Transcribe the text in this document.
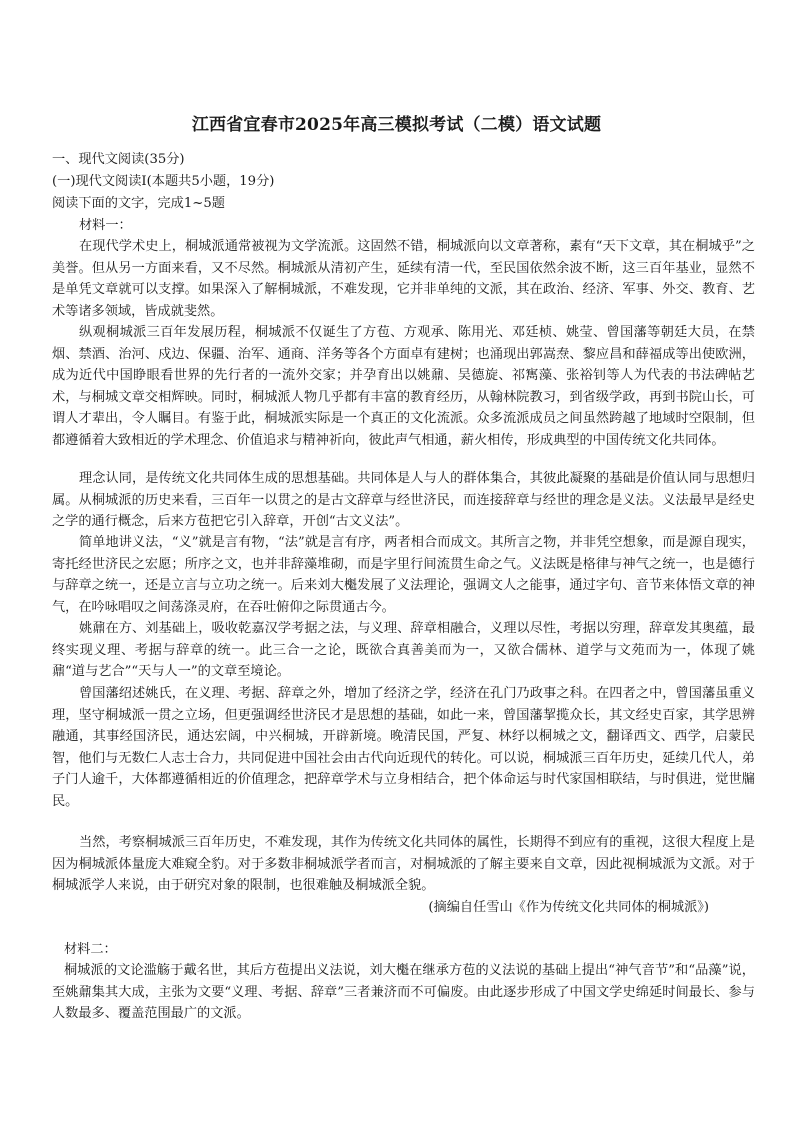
江西省宜春市2025年高三模拟考试（二模）语文试题
一、现代文阅读(35分)
(一)现代文阅读Ⅰ(本题共5小题，19分)
阅读下面的文字，完成1~5题
材料一：
在现代学术史上，桐城派通常被视为文学流派。这固然不错，桐城派向以文章著称，素有“天下文章，其在桐城乎”之美誉。但从另一方面来看，又不尽然。桐城派从清初产生，延续有清一代，至民国依然余波不断，这三百年基业，显然不是单凭文章就可以支撑。如果深入了解桐城派，不难发现，它并非单纯的文派，其在政治、经济、军事、外交、教育、艺术等诸多领域，皆成就斐然。
纵观桐城派三百年发展历程，桐城派不仅诞生了方苞、方观承、陈用光、邓廷桢、姚莹、曾国藩等朝廷大员，在禁烟、禁酒、治河、戍边、保疆、治军、通商、洋务等各个方面卓有建树；也涌现出郭嵩焘、黎应昌和薛福成等出使欧洲，成为近代中国睁眼看世界的先行者的一流外交家；并孕育出以姚鼐、吴德旋、祁寯藻、张裕钊等人为代表的书法碑帖艺术，与桐城文章交相辉映。同时，桐城派人物几乎都有丰富的教育经历，从翰林院教习，到省级学政，再到书院山长，可谓人才辈出，令人瞩目。有鉴于此，桐城派实际是一个真正的文化流派。众多流派成员之间虽然跨越了地域时空限制，但都遵循着大致相近的学术理念、价值追求与精神祈向，彼此声气相通，薪火相传，形成典型的中国传统文化共同体。
理念认同，是传统文化共同体生成的思想基础。共同体是人与人的群体集合，其彼此凝聚的基础是价值认同与思想归属。从桐城派的历史来看，三百年一以贯之的是古文辞章与经世济民，而连接辞章与经世的理念是义法。义法最早是经史之学的通行概念，后来方苞把它引入辞章，开创“古文义法”。
简单地讲义法，“义”就是言有物，“法”就是言有序，两者相合而成文。其所言之物，并非凭空想象，而是源自现实，寄托经世济民之宏愿；所序之文，也并非辞藻堆砌，而是字里行间流贯生命之气。义法既是格律与神气之统一，也是德行与辞章之统一，还是立言与立功之统一。后来刘大櫆发展了义法理论，强调文人之能事，通过字句、音节来体悟文章的神气，在吟咏唱叹之间荡涤灵府，在吞吐俯仰之际贯通古今。
姚鼐在方、刘基础上，吸收乾嘉汉学考据之法，与义理、辞章相融合，义理以尽性，考据以穷理，辞章发其奥蕴，最终实现义理、考据与辞章的统一。此三合一之论，既欲合真善美而为一，又欲合儒林、道学与文苑而为一，体现了姚鼐“道与艺合”“天与人一”的文章至境论。
曾国藩绍述姚氏，在义理、考据、辞章之外，增加了经济之学，经济在孔门乃政事之科。在四者之中，曾国藩虽重义理，坚守桐城派一贯之立场，但更强调经世济民才是思想的基础，如此一来，曾国藩挈揽众长，其文经史百家，其学思辨融通，其事经国济民，通达宏阔，中兴桐城，开辟新境。晚清民国，严复、林纾以桐城之文，翻译西文、西学，启蒙民智，他们与无数仁人志士合力，共同促进中国社会由古代向近现代的转化。可以说，桐城派三百年历史，延续几代人，弟子门人逾千，大体都遵循相近的价值理念，把辞章学术与立身相结合，把个体命运与时代家国相联结，与时俱进，觉世牖民。
当然，考察桐城派三百年历史，不难发现，其作为传统文化共同体的属性，长期得不到应有的重视，这很大程度上是因为桐城派体量庞大难窥全豹。对于多数非桐城派学者而言，对桐城派的了解主要来自文章，因此视桐城派为文派。对于桐城派学人来说，由于研究对象的限制，也很难触及桐城派全貌。
(摘编自任雪山《作为传统文化共同体的桐城派》)
材料二：
桐城派的文论滥觞于戴名世，其后方苞提出义法说，刘大櫆在继承方苞的义法说的基础上提出“神气音节”和“品藻”说，至姚鼐集其大成，主张为文要“义理、考据、辞章”三者兼济而不可偏废。由此逐步形成了中国文学史绵延时间最长、参与人数最多、覆盖范围最广的文派。
